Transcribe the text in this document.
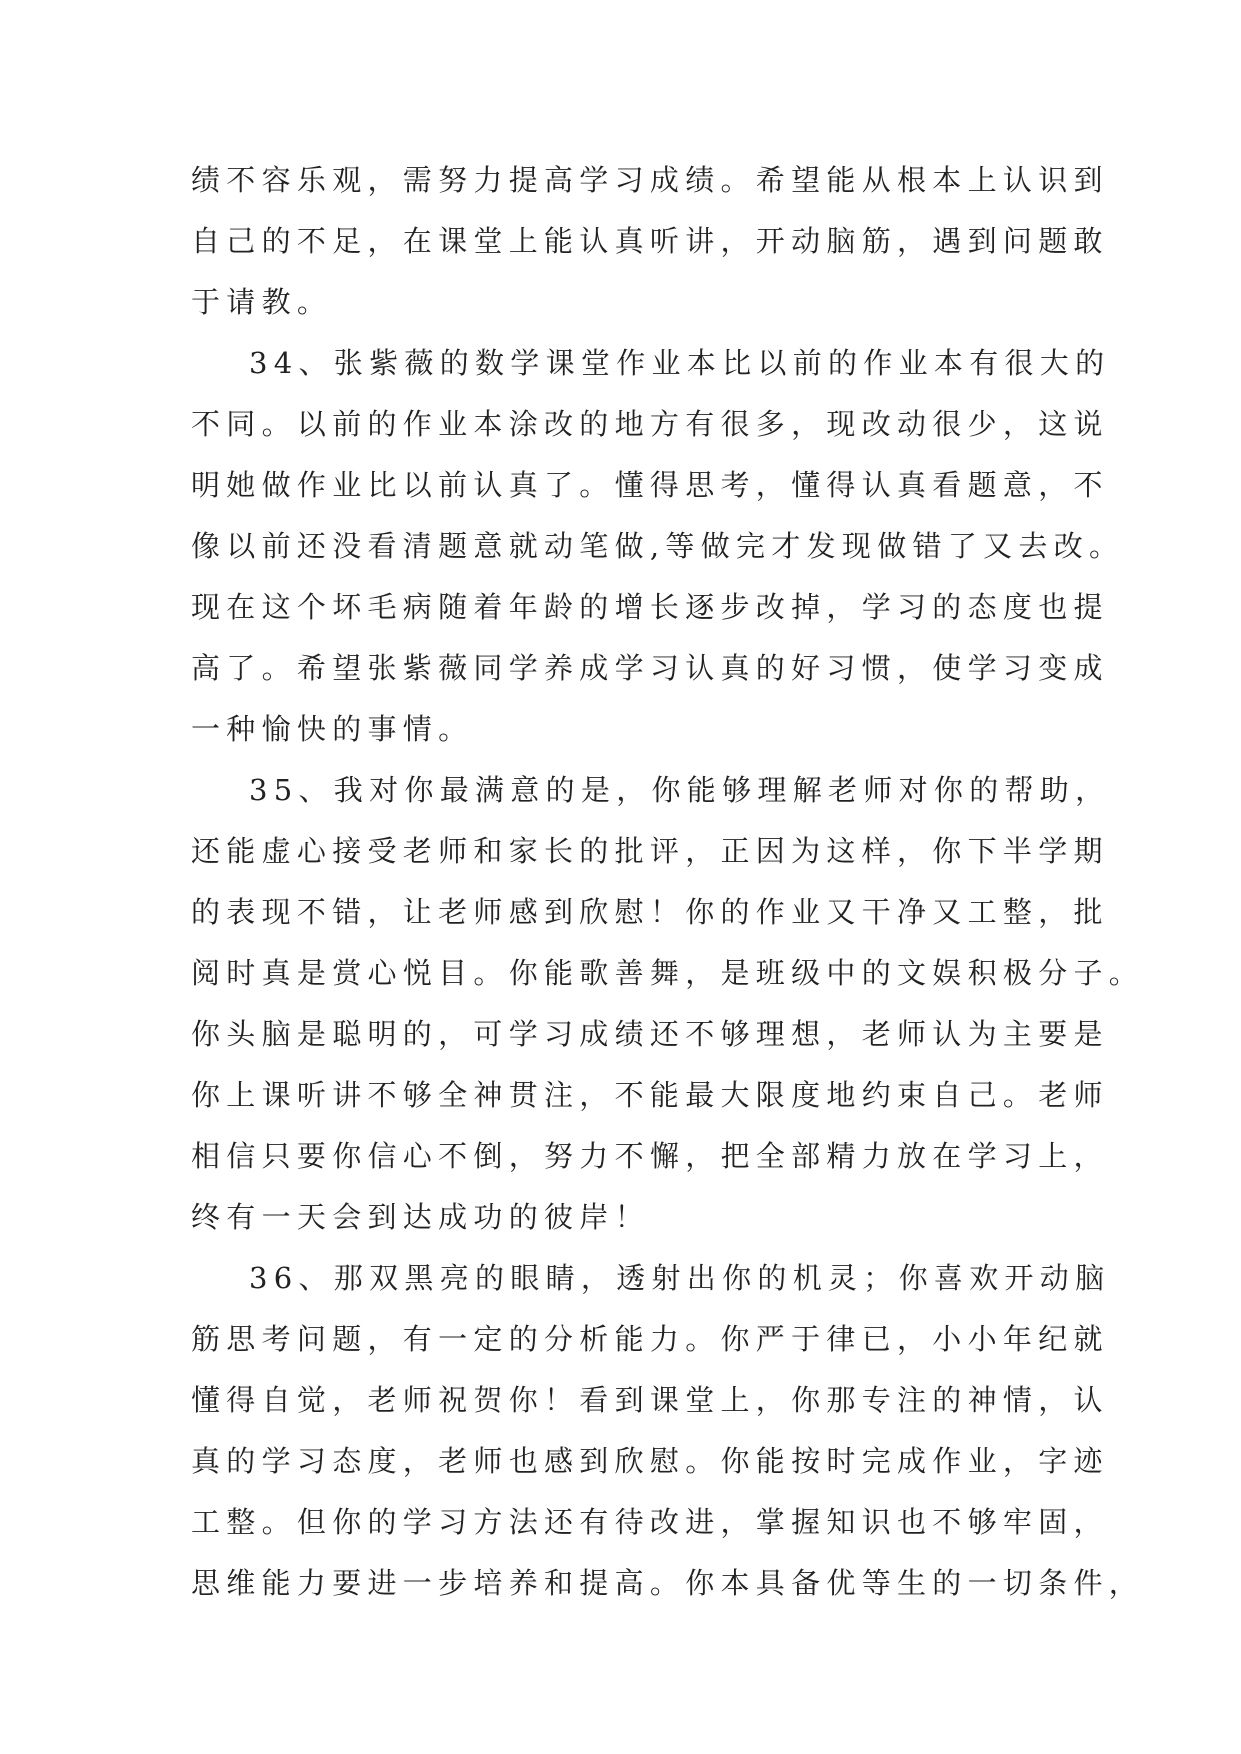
绩不容乐观，需努力提高学习成绩。希望能从根本上认识到
自己的不足，在课堂上能认真听讲，开动脑筋，遇到问题敢
于请教。
34、张紫薇的数学课堂作业本比以前的作业本有很大的
不同。以前的作业本涂改的地方有很多，现改动很少，这说
明她做作业比以前认真了。懂得思考，懂得认真看题意，不
像以前还没看清题意就动笔做,等做完才发现做错了又去改。
现在这个坏毛病随着年龄的增长逐步改掉，学习的态度也提
高了。希望张紫薇同学养成学习认真的好习惯，使学习变成
一种愉快的事情。
35、我对你最满意的是，你能够理解老师对你的帮助，
还能虚心接受老师和家长的批评，正因为这样，你下半学期
的表现不错，让老师感到欣慰！你的作业又干净又工整，批
阅时真是赏心悦目。你能歌善舞，是班级中的文娱积极分子。
你头脑是聪明的，可学习成绩还不够理想，老师认为主要是
你上课听讲不够全神贯注，不能最大限度地约束自己。老师
相信只要你信心不倒，努力不懈，把全部精力放在学习上，
终有一天会到达成功的彼岸！
36、那双黑亮的眼睛，透射出你的机灵；你喜欢开动脑
筋思考问题，有一定的分析能力。你严于律已，小小年纪就
懂得自觉，老师祝贺你！看到课堂上，你那专注的神情，认
真的学习态度，老师也感到欣慰。你能按时完成作业，字迹
工整。但你的学习方法还有待改进，掌握知识也不够牢固，
思维能力要进一步培养和提高。你本具备优等生的一切条件，
